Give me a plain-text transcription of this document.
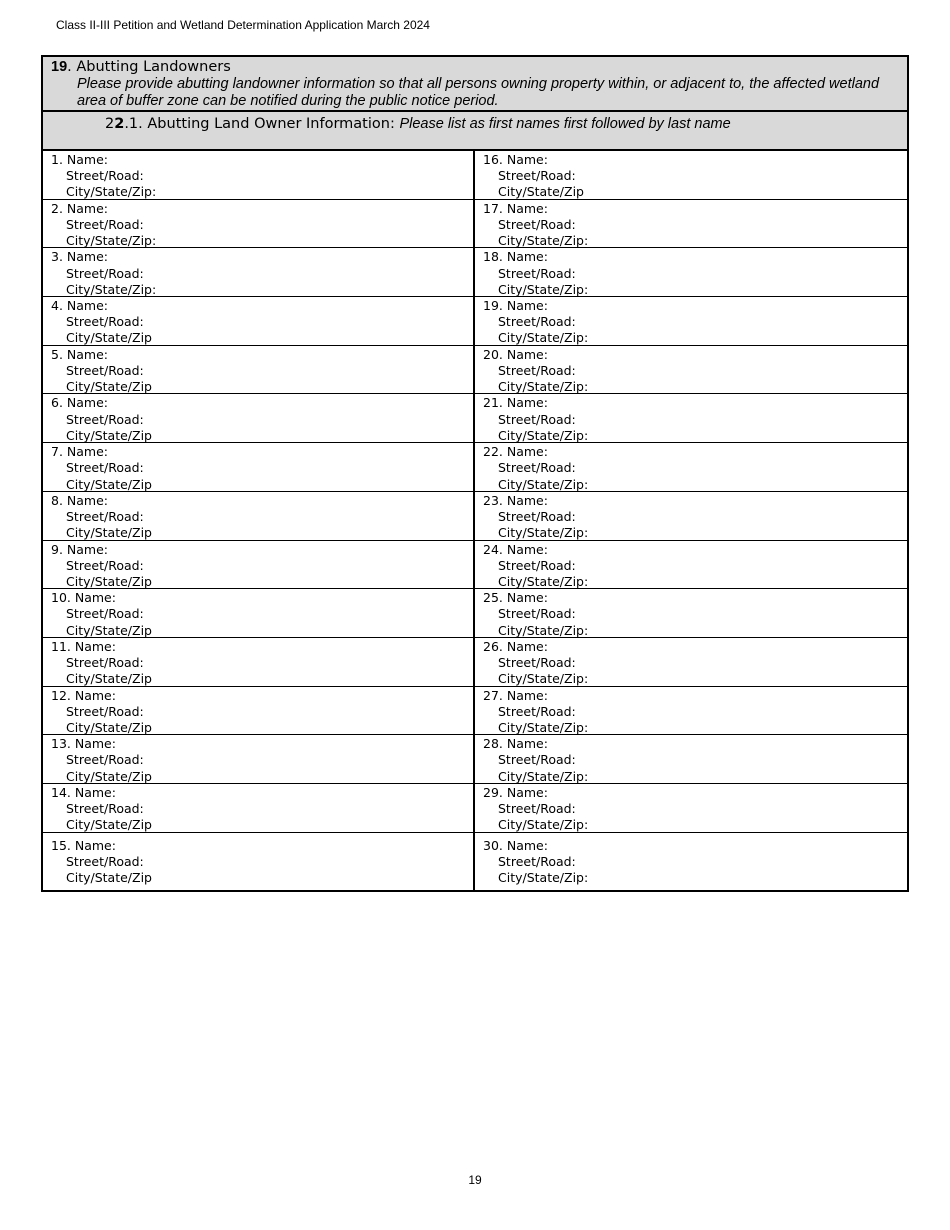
Class II-III Petition and Wetland Determination Application March 2024
19. Abutting Landowners
Please provide abutting landowner information so that all persons owning property within, or adjacent to, the affected wetland area of buffer zone can be notified during the public notice period.
22.1. Abutting Land Owner Information: Please list as first names first followed by last name
1. Name:
Street/Road:
City/State/Zip:
16. Name:
Street/Road:
City/State/Zip
2. Name:
Street/Road:
City/State/Zip:
17. Name:
Street/Road:
City/State/Zip:
3. Name:
Street/Road:
City/State/Zip:
18. Name:
Street/Road:
City/State/Zip:
4. Name:
Street/Road:
City/State/Zip
19. Name:
Street/Road:
City/State/Zip:
5. Name:
Street/Road:
City/State/Zip
20. Name:
Street/Road:
City/State/Zip:
6. Name:
Street/Road:
City/State/Zip
21. Name:
Street/Road:
City/State/Zip:
7. Name:
Street/Road:
City/State/Zip
22. Name:
Street/Road:
City/State/Zip:
8. Name:
Street/Road:
City/State/Zip
23. Name:
Street/Road:
City/State/Zip:
9. Name:
Street/Road:
City/State/Zip
24. Name:
Street/Road:
City/State/Zip:
10. Name:
Street/Road:
City/State/Zip
25. Name:
Street/Road:
City/State/Zip:
11. Name:
Street/Road:
City/State/Zip
26. Name:
Street/Road:
City/State/Zip:
12. Name:
Street/Road:
City/State/Zip
27. Name:
Street/Road:
City/State/Zip:
13. Name:
Street/Road:
City/State/Zip
28. Name:
Street/Road:
City/State/Zip:
14. Name:
Street/Road:
City/State/Zip
29. Name:
Street/Road:
City/State/Zip:
15. Name:
Street/Road:
City/State/Zip
30. Name:
Street/Road:
City/State/Zip:
19
